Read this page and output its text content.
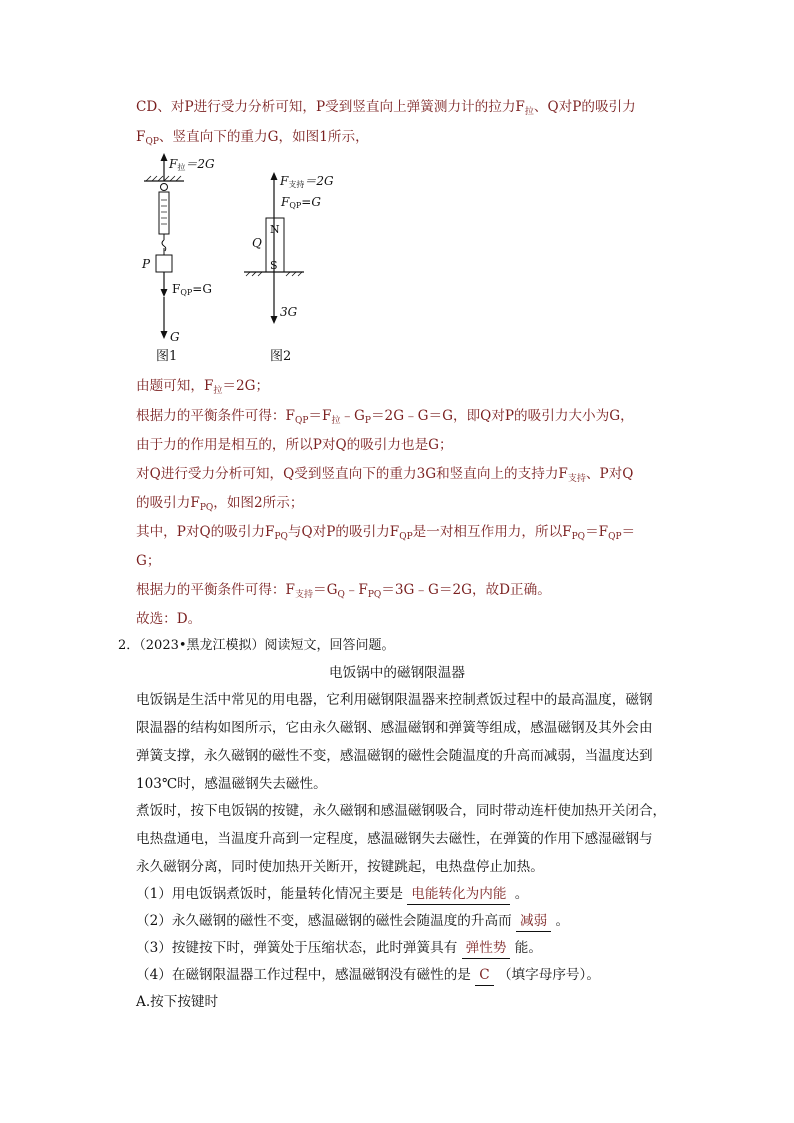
CD、对P进行受力分析可知，P受到竖直向上弹簧测力计的拉力$F_拉$、Q对P的吸引力
$F_{QP}$、竖直向下的重力G，如图1所示，
P
F拉＝2G
FQP=G
G
图1
N
S
Q
F支持＝2G
FQP=G
3G
图2
由题可知，$F_拉=2G$；
根据力的平衡条件可得：$F_{QP}=F_拉﹣G_P=2G﹣G=G$，即Q对P的吸引力大小为G，
由于力的作用是相互的，所以P对Q的吸引力也是G；
对Q进行受力分析可知，Q受到竖直向下的重力3G和竖直向上的支持力$F_{支持}$、P对Q
的吸引力$F_{PQ}$，如图2所示；
其中，P对Q的吸引力$F_{PQ}$与Q对P的吸引力$F_{QP}$是一对相互作用力，所以$F_{PQ}=F_{QP}=$
G；
根据力的平衡条件可得：$F_{支持}=G_Q﹣F_{PQ}=3G﹣G=2G$，故D正确。
故选：D。
2．（2023•黑龙江模拟）阅读短文，回答问题。
电饭锅中的磁钢限温器
电饭锅是生活中常见的用电器，它利用磁钢限温器来控制煮饭过程中的最高温度，磁钢
限温器的结构如图所示，它由永久磁钢、感温磁钢和弹簧等组成，感温磁钢及其外会由
弹簧支撑，永久磁钢的磁性不变，感温磁钢的磁性会随温度的升高而减弱，当温度达到
103℃时，感温磁钢失去磁性。
煮饭时，按下电饭锅的按键，永久磁钢和感温磁钢吸合，同时带动连杆使加热开关闭合，
电热盘通电，当温度升高到一定程度，感温磁钢失去磁性，在弹簧的作用下感湿磁钢与
永久磁钢分离，同时使加热开关断开，按键跳起，电热盘停止加热。
（1）用电饭锅煮饭时，能量转化情况主要是 电能转化为内能 。
（2）永久磁钢的磁性不变，感温磁钢的磁性会随温度的升高而 减弱 。
（3）按键按下时，弹簧处于压缩状态，此时弹簧具有 弹性势 能。
（4）在磁钢限温器工作过程中，感温磁钢没有磁性的是 C （填字母序号）。
A.按下按键时
